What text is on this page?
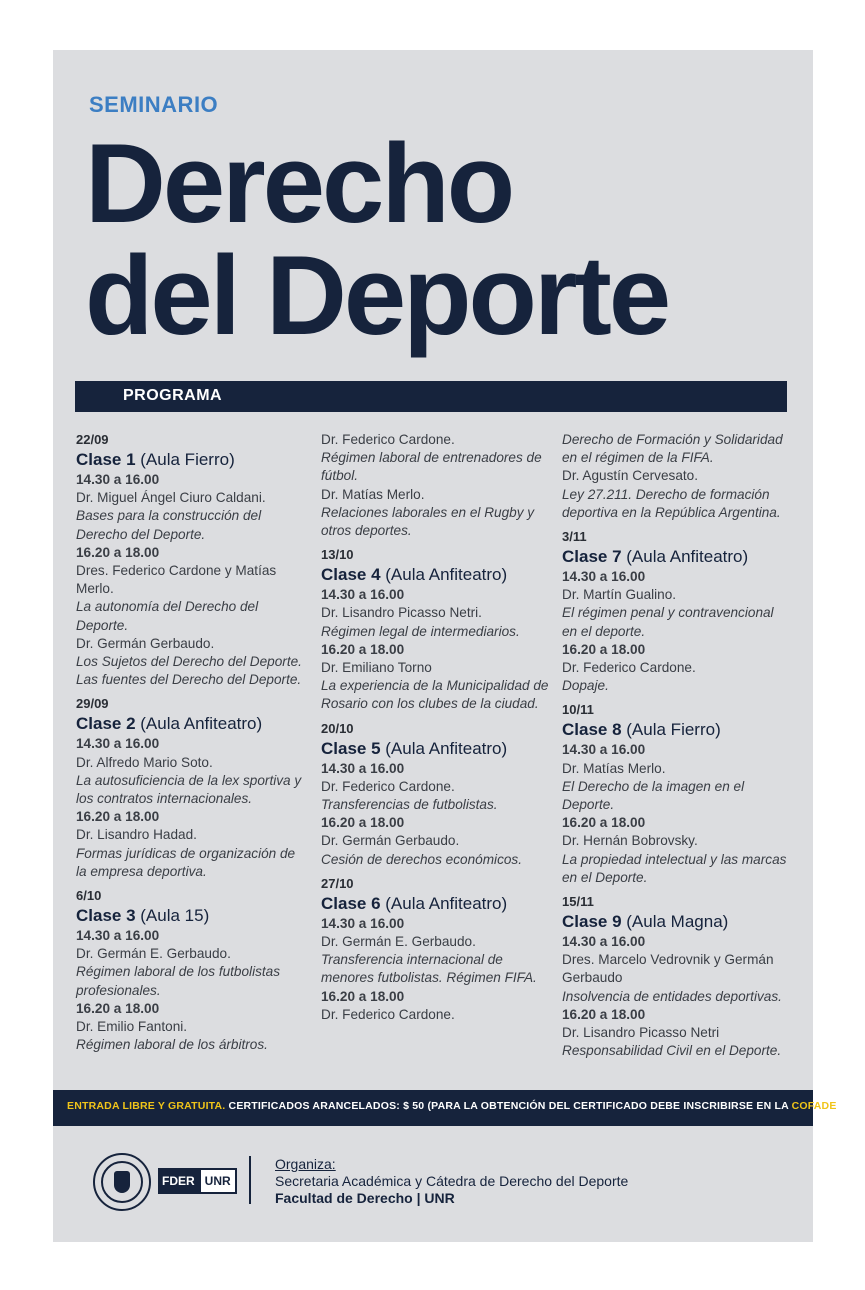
SEMINARIO
Derecho
del Deporte
PROGRAMA
22/09
Clase 1 (Aula Fierro)
14.30 a 16.00
Dr. Miguel Ángel Ciuro Caldani.
Bases para la construcción del Derecho del Deporte.
16.20 a 18.00
Dres. Federico Cardone y Matías Merlo.
La autonomía del Derecho del Deporte.
Dr. Germán Gerbaudo.
Los Sujetos del Derecho del Deporte. Las fuentes del Derecho del Deporte.
29/09
Clase 2 (Aula Anfiteatro)
14.30 a 16.00
Dr. Alfredo Mario Soto.
La autosuficiencia de la lex sportiva y los contratos internacionales.
16.20 a 18.00
Dr. Lisandro Hadad.
Formas jurídicas de organización de la empresa deportiva.
6/10
Clase 3 (Aula 15)
14.30 a 16.00
Dr. Germán E. Gerbaudo.
Régimen laboral de los futbolistas profesionales.
16.20 a 18.00
Dr. Emilio Fantoni.
Régimen laboral de los árbitros.
Dr. Federico Cardone.
Régimen laboral de entrenadores de fútbol.
Dr. Matías Merlo.
Relaciones laborales en el Rugby y otros deportes.
13/10
Clase 4 (Aula Anfiteatro)
14.30 a 16.00
Dr. Lisandro Picasso Netri.
Régimen legal de intermediarios.
16.20 a 18.00
Dr. Emiliano Torno
La experiencia de la Municipalidad de Rosario con los clubes de la ciudad.
20/10
Clase 5 (Aula Anfiteatro)
14.30 a 16.00
Dr. Federico Cardone.
Transferencias de futbolistas.
16.20 a 18.00
Dr. Germán Gerbaudo.
Cesión de derechos económicos.
27/10
Clase 6 (Aula Anfiteatro)
14.30 a 16.00
Dr. Germán E. Gerbaudo.
Transferencia internacional de menores futbolistas. Régimen FIFA.
16.20 a 18.00
Dr. Federico Cardone.
Derecho de Formación y Solidaridad en el régimen de la FIFA.
Dr. Agustín Cervesato.
Ley 27.211. Derecho de formación deportiva en la República Argentina.
3/11
Clase 7 (Aula Anfiteatro)
14.30 a 16.00
Dr. Martín Gualino.
El régimen penal y contravencional en el deporte.
16.20 a 18.00
Dr. Federico Cardone.
Dopaje.
10/11
Clase 8 (Aula Fierro)
14.30 a 16.00
Dr. Matías Merlo.
El Derecho de la imagen en el Deporte.
16.20 a 18.00
Dr. Hernán Bobrovsky.
La propiedad intelectual y las marcas en el Deporte.
15/11
Clase 9 (Aula Magna)
14.30 a 16.00
Dres. Marcelo Vedrovnik y Germán Gerbaudo
Insolvencia de entidades deportivas.
16.20 a 18.00
Dr. Lisandro Picasso Netri
Responsabilidad Civil en el Deporte.

ENTRADA LIBRE Y GRATUITA. CERTIFICADOS ARANCELADOS: $ 50 (PARA LA OBTENCIÓN DEL CERTIFICADO DEBE INSCRIBIRSE EN LA COFADE)

FDER UNR
Organiza:
Secretaria Académica y Cátedra de Derecho del Deporte
Facultad de Derecho | UNR
